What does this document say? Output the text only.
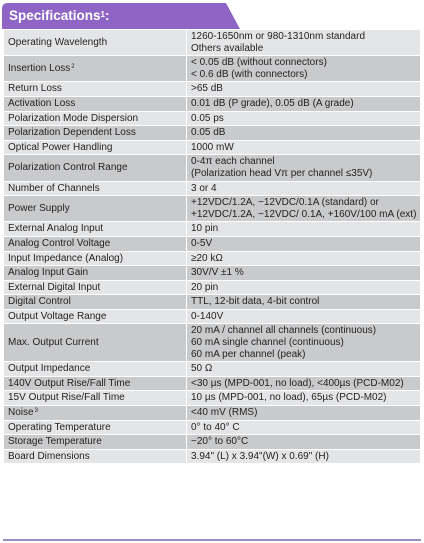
Specifications$^1$:
Operating Wavelength	1260-1650nm or 980-1310nm standard
Others available

Insertion Loss$^2$	< 0.05 dB (without connectors)
< 0.6 dB (with connectors)

Return Loss	>65 dB

Activation Loss	0.01 dB (P grade), 0.05 dB (A grade)

Polarization Mode Dispersion	0.05 ps

Polarization Dependent Loss	0.05 dB

Optical Power Handling	1000 mW

Polarization Control Range	0-4π each channel
(Polarization head Vπ per channel ≤35V)

Number of Channels	3 or 4

Power Supply	+12VDC/1.2A, −12VDC/0.1A (standard) or
+12VDC/1.2A, −12VDC/ 0.1A, +160V/100 mA (ext)

External Analog Input	10 pin

Analog Control Voltage	0-5V

Input Impedance (Analog)	≥20 kΩ

Analog Input Gain	30V/V ±1 %

External Digital Input	20 pin

Digital Control	TTL, 12-bit data, 4-bit control

Output Voltage Range	0-140V

Max. Output Current	20 mA / channel all channels (continuous)
60 mA single channel (continuous)
60 mA per channel (peak)

Output Impedance	50 Ω

140V Output Rise/Fall Time	<30 µs (MPD-001, no load), <400µs (PCD-M02)

15V Output Rise/Fall Time	10 µs (MPD-001, no load), 65µs (PCD-M02)

Noise$^3$	<40 mV (RMS)

Operating Temperature	0° to 40° C

Storage Temperature	−20° to 60°C

Board Dimensions	3.94" (L) x 3.94"(W) x 0.69" (H)
